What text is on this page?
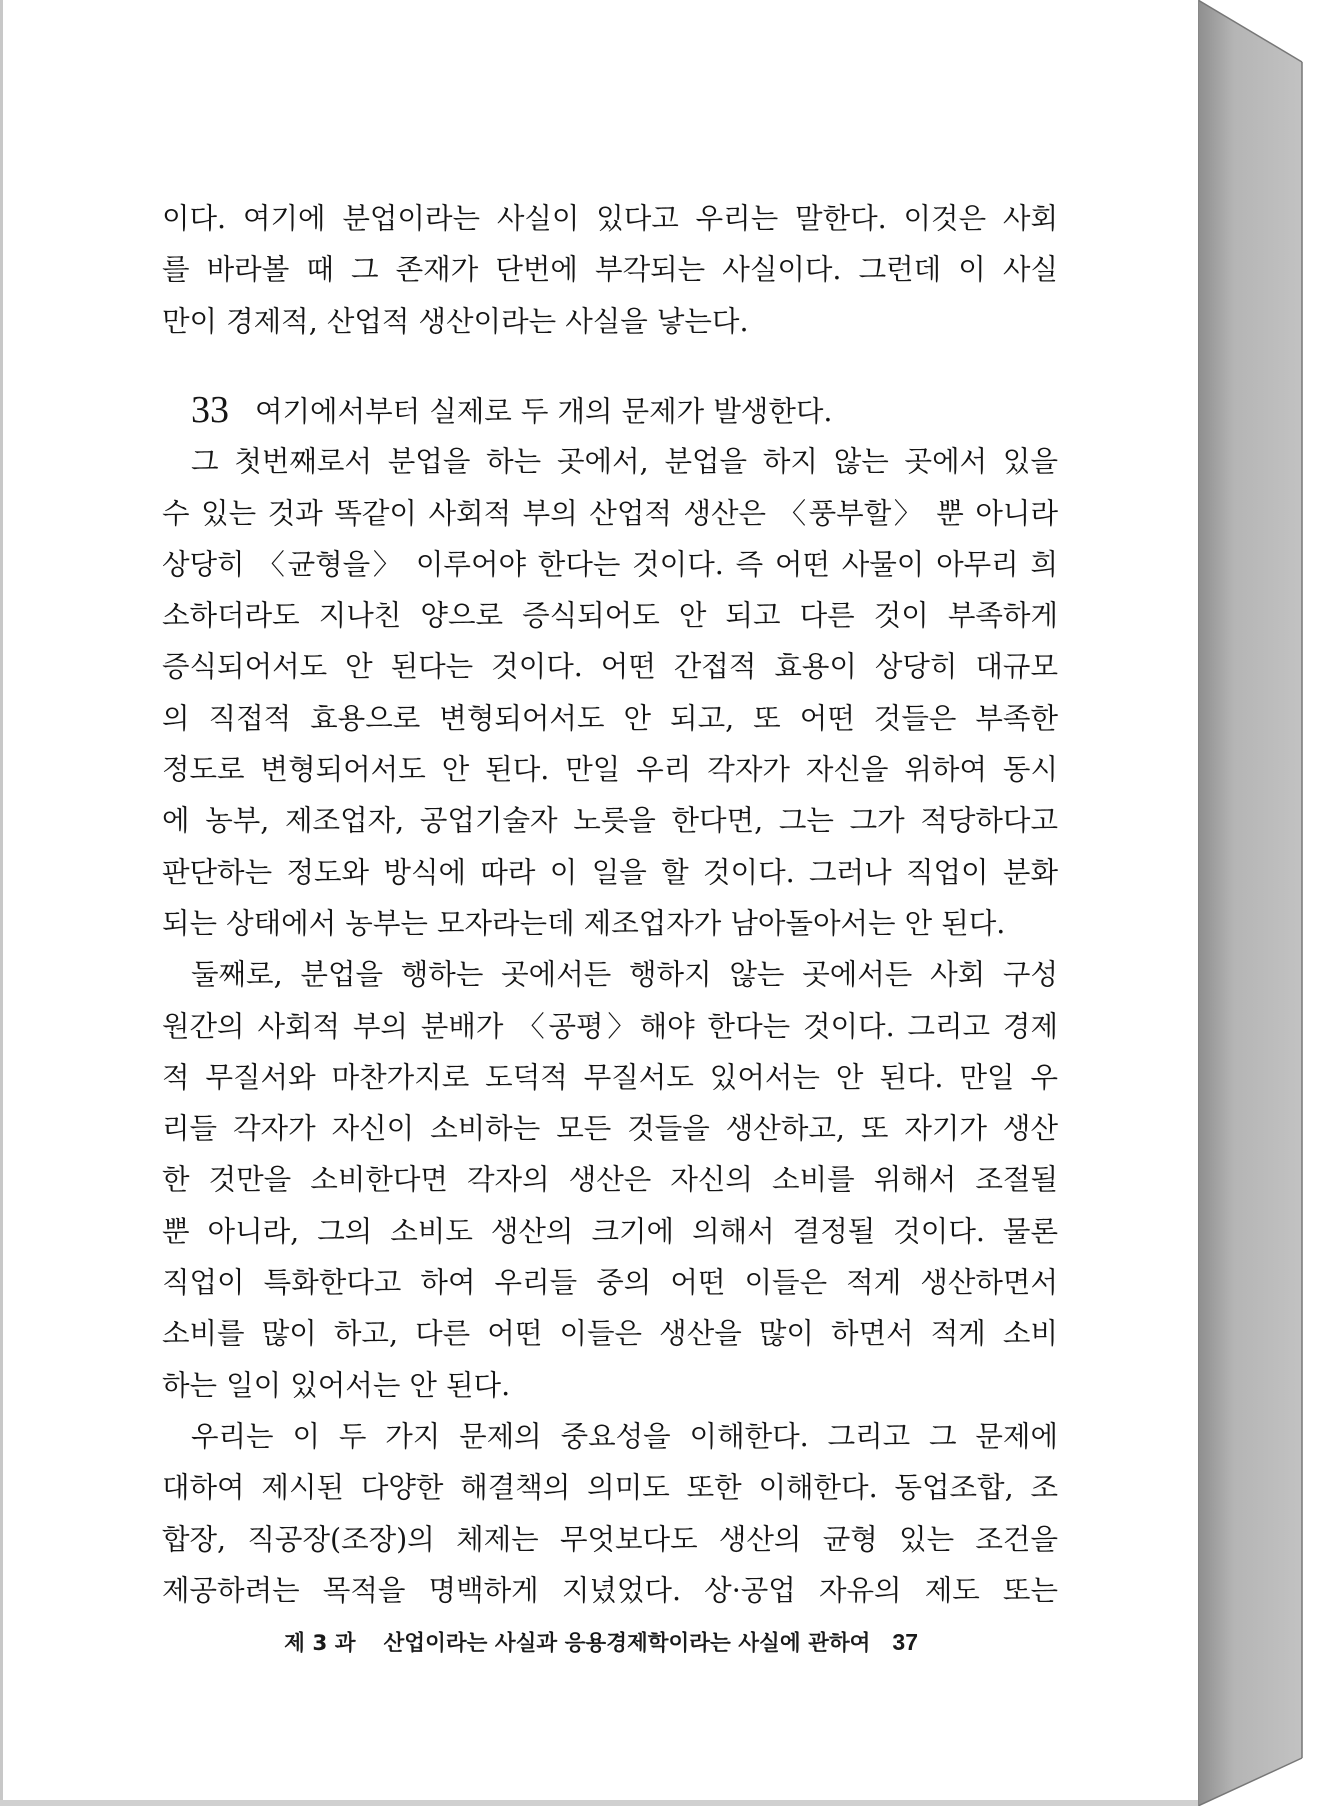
이다. 여기에 분업이라는 사실이 있다고 우리는 말한다. 이것은 사회
를 바라볼 때 그 존재가 단번에 부각되는 사실이다. 그런데 이 사실
만이 경제적, 산업적 생산이라는 사실을 낳는다.
33 여기에서부터 실제로 두 개의 문제가 발생한다.
그 첫번째로서 분업을 하는 곳에서, 분업을 하지 않는 곳에서 있을
수 있는 것과 똑같이 사회적 부의 산업적 생산은 〈풍부할〉 뿐 아니라
상당히 〈균형을〉 이루어야 한다는 것이다. 즉 어떤 사물이 아무리 희
소하더라도 지나친 양으로 증식되어도 안 되고 다른 것이 부족하게
증식되어서도 안 된다는 것이다. 어떤 간접적 효용이 상당히 대규모
의 직접적 효용으로 변형되어서도 안 되고, 또 어떤 것들은 부족한
정도로 변형되어서도 안 된다. 만일 우리 각자가 자신을 위하여 동시
에 농부, 제조업자, 공업기술자 노릇을 한다면, 그는 그가 적당하다고
판단하는 정도와 방식에 따라 이 일을 할 것이다. 그러나 직업이 분화
되는 상태에서 농부는 모자라는데 제조업자가 남아돌아서는 안 된다.
둘째로, 분업을 행하는 곳에서든 행하지 않는 곳에서든 사회 구성
원간의 사회적 부의 분배가 〈공평〉해야 한다는 것이다. 그리고 경제
적 무질서와 마찬가지로 도덕적 무질서도 있어서는 안 된다. 만일 우
리들 각자가 자신이 소비하는 모든 것들을 생산하고, 또 자기가 생산
한 것만을 소비한다면 각자의 생산은 자신의 소비를 위해서 조절될
뿐 아니라, 그의 소비도 생산의 크기에 의해서 결정될 것이다. 물론
직업이 특화한다고 하여 우리들 중의 어떤 이들은 적게 생산하면서
소비를 많이 하고, 다른 어떤 이들은 생산을 많이 하면서 적게 소비
하는 일이 있어서는 안 된다.
우리는 이 두 가지 문제의 중요성을 이해한다. 그리고 그 문제에
대하여 제시된 다양한 해결책의 의미도 또한 이해한다. 동업조합, 조
합장, 직공장(조장)의 체제는 무엇보다도 생산의 균형 있는 조건을
제공하려는 목적을 명백하게 지녔었다. 상·공업 자유의 제도 또는
제 3 과 산업이라는 사실과 응용경제학이라는 사실에 관하여 37
